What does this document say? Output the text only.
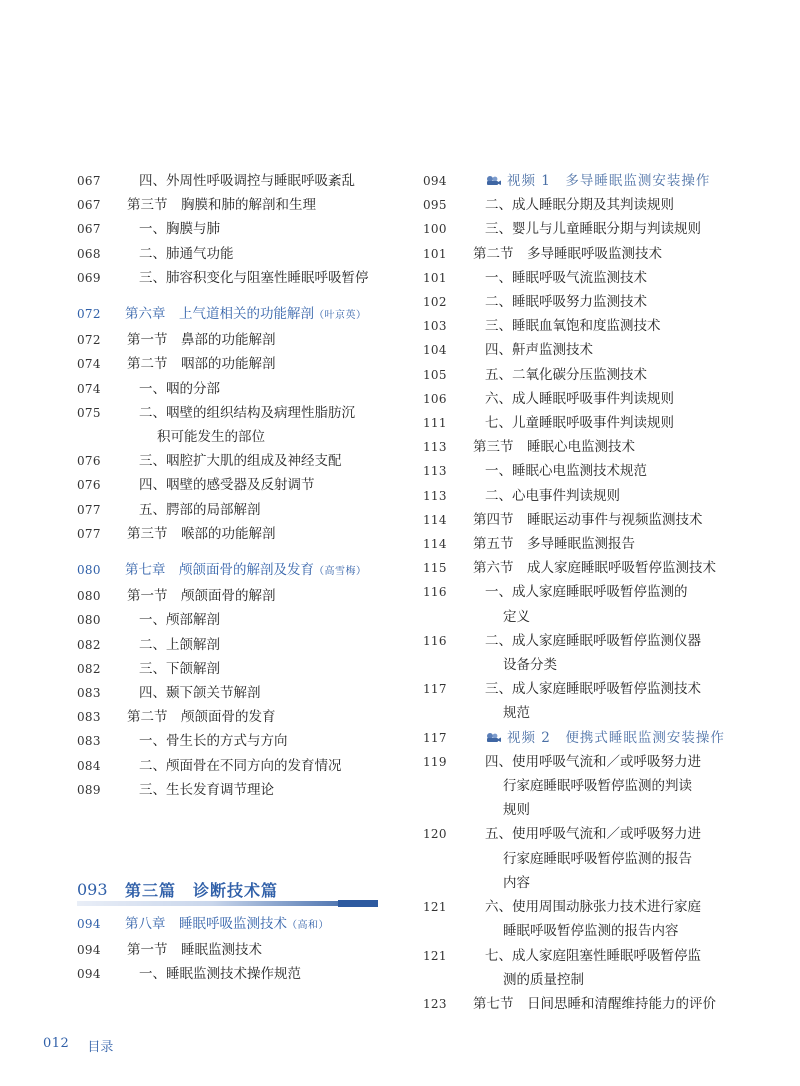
067	四、外周性呼吸调控与睡眠呼吸紊乱
067	第三节　胸膜和肺的解剖和生理
067	一、胸膜与肺
068	二、肺通气功能
069	三、肺容积变化与阻塞性睡眠呼吸暂停
072	第六章　上气道相关的功能解剖（叶京英）
072	第一节　鼻部的功能解剖
074	第二节　咽部的功能解剖
074	一、咽的分部
075	二、咽壁的组织结构及病理性脂肪沉
积可能发生的部位
076	三、咽腔扩大肌的组成及神经支配
076	四、咽壁的感受器及反射调节
077	五、腭部的局部解剖
077	第三节　喉部的功能解剖
080	第七章　颅颌面骨的解剖及发育（高雪梅）
080	第一节　颅颌面骨的解剖
080	一、颅部解剖
082	二、上颌解剖
082	三、下颌解剖
083	四、颞下颌关节解剖
083	第二节　颅颌面骨的发育
083	一、骨生长的方式与方向
084	二、颅面骨在不同方向的发育情况
089	三、生长发育调节理论
093	第三篇　诊断技术篇
094	第八章　睡眠呼吸监测技术（高和）
094	第一节　睡眠监测技术
094	一、睡眠监测技术操作规范
094	视频 1　多导睡眠监测安装操作
095	二、成人睡眠分期及其判读规则
100	三、婴儿与儿童睡眠分期与判读规则
101	第二节　多导睡眠呼吸监测技术
101	一、睡眠呼吸气流监测技术
102	二、睡眠呼吸努力监测技术
103	三、睡眠血氧饱和度监测技术
104	四、鼾声监测技术
105	五、二氧化碳分压监测技术
106	六、成人睡眠呼吸事件判读规则
111	七、儿童睡眠呼吸事件判读规则
113	第三节　睡眠心电监测技术
113	一、睡眠心电监测技术规范
113	二、心电事件判读规则
114	第四节　睡眠运动事件与视频监测技术
114	第五节　多导睡眠监测报告
115	第六节　成人家庭睡眠呼吸暂停监测技术
116	一、成人家庭睡眠呼吸暂停监测的
定义
116	二、成人家庭睡眠呼吸暂停监测仪器
设备分类
117	三、成人家庭睡眠呼吸暂停监测技术
规范
117	视频 2　便携式睡眠监测安装操作
119	四、使用呼吸气流和／或呼吸努力进
行家庭睡眠呼吸暂停监测的判读
规则
120	五、使用呼吸气流和／或呼吸努力进
行家庭睡眠呼吸暂停监测的报告
内容
121	六、使用周围动脉张力技术进行家庭
睡眠呼吸暂停监测的报告内容
121	七、成人家庭阻塞性睡眠呼吸暂停监
测的质量控制
123	第七节　日间思睡和清醒维持能力的评价
012 目录
